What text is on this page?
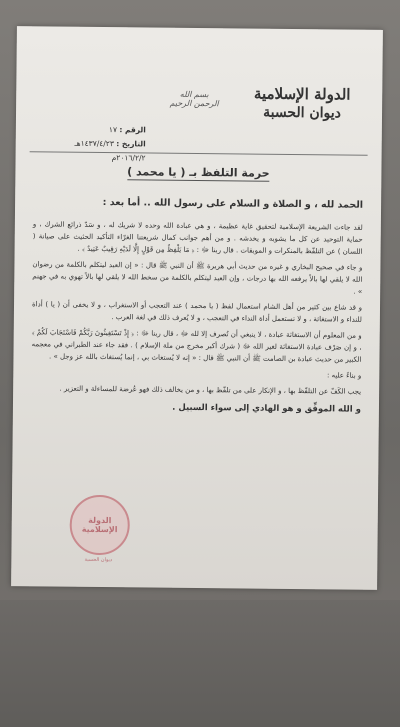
الدولة الإسلامية
ديوان الحسبة
بسم الله الرحمن الرحيم
الرقم : ١٧
التاريخ : ١٤٣٧/٤/٢٣هـ
٢٠١٦/٢/٢م
حرمة التلفظ بـ ( يا محمد )
الحمد لله ، و الصلاة و السلام على رسول الله .. أما بعد :

لقد جاءت الشريعة الإسلامية لتحقيق غاية عظيمة ، و هي عبادة الله وحده لا شريك له ، و سَدّ ذرائع الشرك ، و حماية التوحيد عن كل ما يشوبه و يخدشه . و من أهم جوانب كمال شريعتنا الغرّاء التأكيد الحثيث على صيانة ( اللسان ) عن التلفّظ بالمنكرات و الموبقات . قال ربنا ﷻ : ﴿ مَا يَلْفِظُ مِن قَوْلٍ إِلَّا لَدَيْهِ رَقِيبٌ عَتِيدٌ ﴾ .

و جاء في صحيح البخاري و غيره من حديث أبي هريرة ﷺ أن النبي ﷺ قال : « إن العبد ليتكلم بالكلمة من رضوان الله لا يلقي لها بالاً يرفعه الله بها درجات ، وإن العبد ليتكلم بالكلمة من سخط الله لا يلقي لها بالاً تهوي به في جهنم » .

و قد شاع بين كثير من أهل الشام استعمال لفظ ( يا محمد ) عند التعجب أو الاستغراب ، و لا يخفى أن ( يا ) أداة للنداء و الاستغاثة ، و لا تستعمل أداة النداء في التعجب ، و لا يُعرف ذلك في لغة العرب .

و من المعلوم أن الاستغاثة عبادة ، لا ينبغي أن تُصرف إلا لله ﷻ ، قال ربنا ﷻ : ﴿ إِذْ تَسْتَغِيثُونَ رَبَّكُمْ فَاسْتَجَابَ لَكُمْ ﴾ ، و إن صَرْف عبادة الاستغاثة لغير الله ﷻ ( شرك أكبر مخرج من ملة الإسلام ) . فقد جاء عند الطبراني في معجمه الكبير من حديث عبادة بن الصامت ﷺ أن النبي ﷺ قال : « إنه لا يُستغاث بي ، إنما يُستغاث بالله عز وجل » .

و بناءً عليه :

يجب الكَفّ عن التلفّظ بها ، و الإنكار على من تلفّظ بها ، و من يخالف ذلك فهو عُرضة للمساءلة و التعزير .

و الله الموفِّق و هو الهادي إلى سواء السبيل .
الدولة
الإسلامية
ديوان الحسبة
